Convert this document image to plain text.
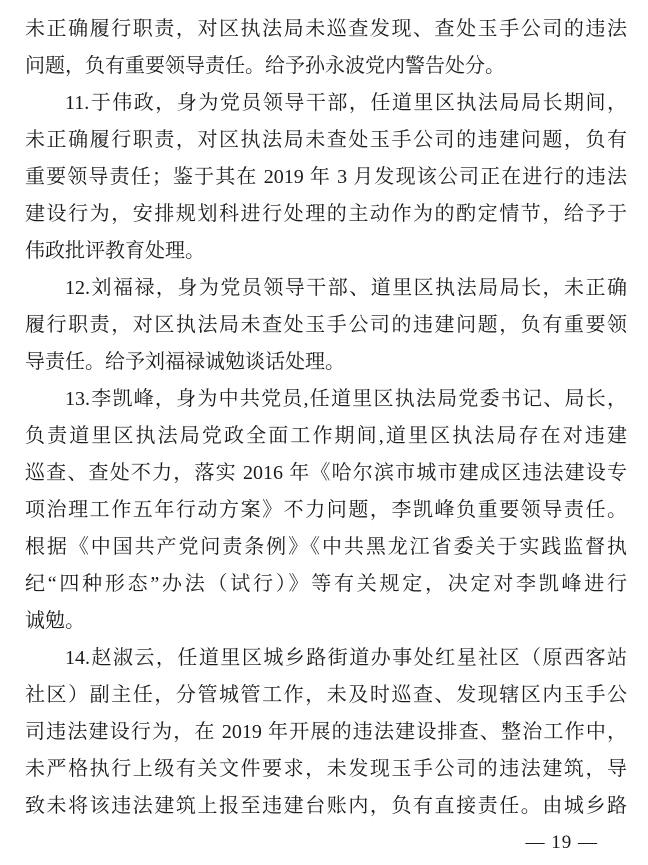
未正确履行职责，对区执法局未巡查发现、查处玉手公司的违法
问题，负有重要领导责任。给予孙永波党内警告处分。
11.于伟政，身为党员领导干部，任道里区执法局局长期间，
未正确履行职责，对区执法局未查处玉手公司的违建问题，负有
重要领导责任；鉴于其在 2019 年 3 月发现该公司正在进行的违法
建设行为，安排规划科进行处理的主动作为的酌定情节，给予于
伟政批评教育处理。
12.刘福禄，身为党员领导干部、道里区执法局局长，未正确
履行职责，对区执法局未查处玉手公司的违建问题，负有重要领
导责任。给予刘福禄诚勉谈话处理。
13.李凯峰，身为中共党员,任道里区执法局党委书记、局长，
负责道里区执法局党政全面工作期间,道里区执法局存在对违建
巡查、查处不力，落实 2016 年《哈尔滨市城市建成区违法建设专
项治理工作五年行动方案》不力问题，李凯峰负重要领导责任。
根据《中国共产党问责条例》《中共黑龙江省委关于实践监督执
纪“四种形态”办法（试行）》等有关规定，决定对李凯峰进行
诚勉。
14.赵淑云，任道里区城乡路街道办事处红星社区（原西客站
社区）副主任，分管城管工作，未及时巡查、发现辖区内玉手公
司违法建设行为，在 2019 年开展的违法建设排查、整治工作中，
未严格执行上级有关文件要求，未发现玉手公司的违法建筑，导
致未将该违法建筑上报至违建台账内，负有直接责任。由城乡路
— 19 —
